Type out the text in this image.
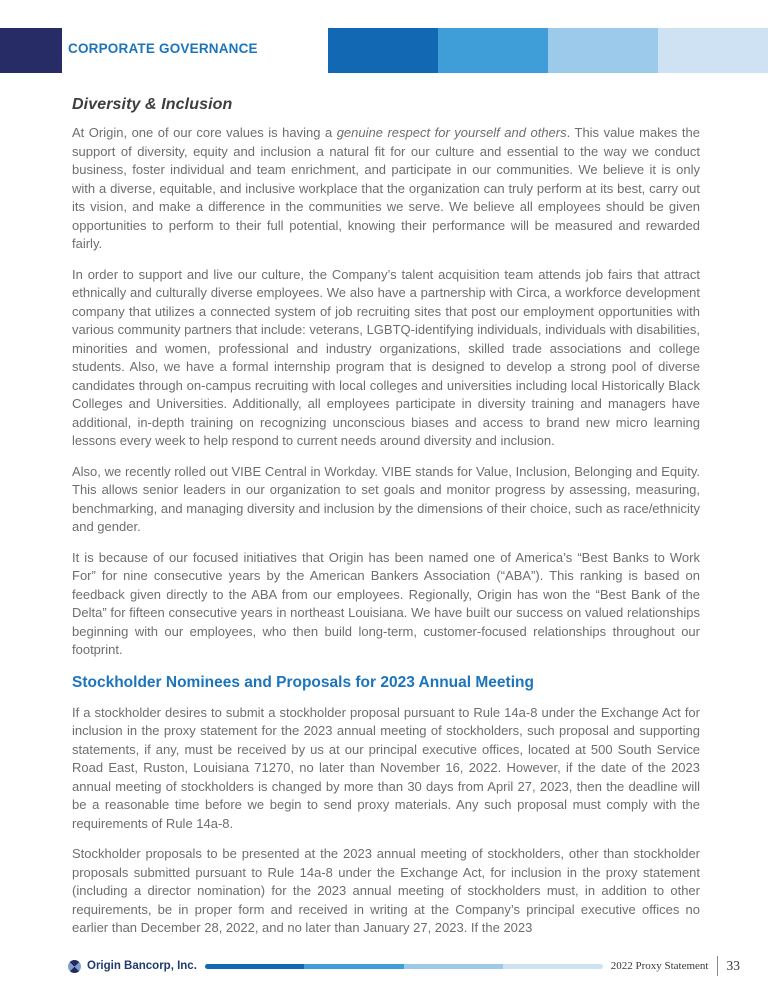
CORPORATE GOVERNANCE
Diversity & Inclusion

At Origin, one of our core values is having a genuine respect for yourself and others. This value makes the support of diversity, equity and inclusion a natural fit for our culture and essential to the way we conduct business, foster individual and team enrichment, and participate in our communities. We believe it is only with a diverse, equitable, and inclusive workplace that the organization can truly perform at its best, carry out its vision, and make a difference in the communities we serve. We believe all employees should be given opportunities to perform to their full potential, knowing their performance will be measured and rewarded fairly.

In order to support and live our culture, the Company’s talent acquisition team attends job fairs that attract ethnically and culturally diverse employees. We also have a partnership with Circa, a workforce development company that utilizes a connected system of job recruiting sites that post our employment opportunities with various community partners that include: veterans, LGBTQ-identifying individuals, individuals with disabilities, minorities and women, professional and industry organizations, skilled trade associations and college students. Also, we have a formal internship program that is designed to develop a strong pool of diverse candidates through on-campus recruiting with local colleges and universities including local Historically Black Colleges and Universities. Additionally, all employees participate in diversity training and managers have additional, in-depth training on recognizing unconscious biases and access to brand new micro learning lessons every week to help respond to current needs around diversity and inclusion.

Also, we recently rolled out VIBE Central in Workday. VIBE stands for Value, Inclusion, Belonging and Equity. This allows senior leaders in our organization to set goals and monitor progress by assessing, measuring, benchmarking, and managing diversity and inclusion by the dimensions of their choice, such as race/ethnicity and gender.

It is because of our focused initiatives that Origin has been named one of America’s “Best Banks to Work For” for nine consecutive years by the American Bankers Association (“ABA”). This ranking is based on feedback given directly to the ABA from our employees. Regionally, Origin has won the “Best Bank of the Delta” for fifteen consecutive years in northeast Louisiana. We have built our success on valued relationships beginning with our employees, who then build long-term, customer-focused relationships throughout our footprint.

Stockholder Nominees and Proposals for 2023 Annual Meeting

If a stockholder desires to submit a stockholder proposal pursuant to Rule 14a-8 under the Exchange Act for inclusion in the proxy statement for the 2023 annual meeting of stockholders, such proposal and supporting statements, if any, must be received by us at our principal executive offices, located at 500 South Service Road East, Ruston, Louisiana 71270, no later than November 16, 2022. However, if the date of the 2023 annual meeting of stockholders is changed by more than 30 days from April 27, 2023, then the deadline will be a reasonable time before we begin to send proxy materials. Any such proposal must comply with the requirements of Rule 14a-8.

Stockholder proposals to be presented at the 2023 annual meeting of stockholders, other than stockholder proposals submitted pursuant to Rule 14a-8 under the Exchange Act, for inclusion in the proxy statement (including a director nomination) for the 2023 annual meeting of stockholders must, in addition to other requirements, be in proper form and received in writing at the Company’s principal executive offices no earlier than December 28, 2022, and no later than January 27, 2023. If the 2023

Origin Bancorp, Inc.	2022 Proxy Statement 33
